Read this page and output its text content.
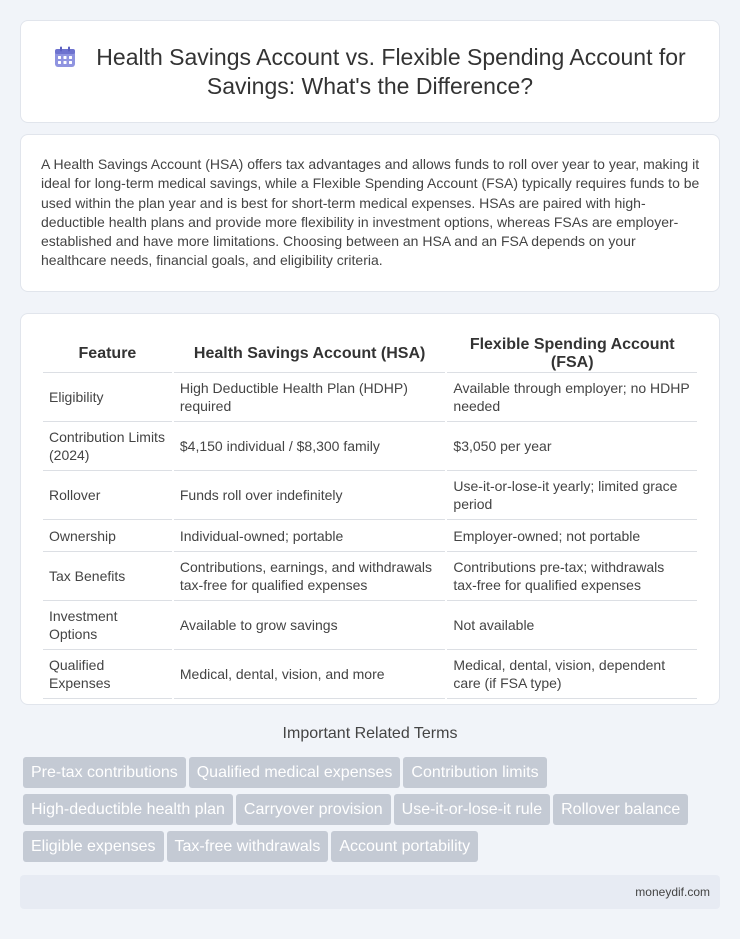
Health Savings Account vs. Flexible Spending Account for Savings: What's the Difference?

A Health Savings Account (HSA) offers tax advantages and allows funds to roll over year to year, making it ideal for long-term medical savings, while a Flexible Spending Account (FSA) typically requires funds to be used within the plan year and is best for short-term medical expenses. HSAs are paired with high-deductible health plans and provide more flexibility in investment options, whereas FSAs are employer-established and have more limitations. Choosing between an HSA and an FSA depends on your healthcare needs, financial goals, and eligibility criteria.

Feature	Health Savings Account (HSA)	Flexible Spending Account (FSA)
Eligibility	High Deductible Health Plan (HDHP) required	Available through employer; no HDHP needed
Contribution Limits (2024)	$4,150 individual / $8,300 family	$3,050 per year
Rollover	Funds roll over indefinitely	Use-it-or-lose-it yearly; limited grace period
Ownership	Individual-owned; portable	Employer-owned; not portable
Tax Benefits	Contributions, earnings, and withdrawals tax-free for qualified expenses	Contributions pre-tax; withdrawals tax-free for qualified expenses
Investment Options	Available to grow savings	Not available
Qualified Expenses	Medical, dental, vision, and more	Medical, dental, vision, dependent care (if FSA type)
Important Related Terms
Pre-tax contributions Qualified medical expenses Contribution limits
High-deductible health plan Carryover provision Use-it-or-lose-it rule Rollover balance
Eligible expenses Tax-free withdrawals Account portability
moneydif.com
